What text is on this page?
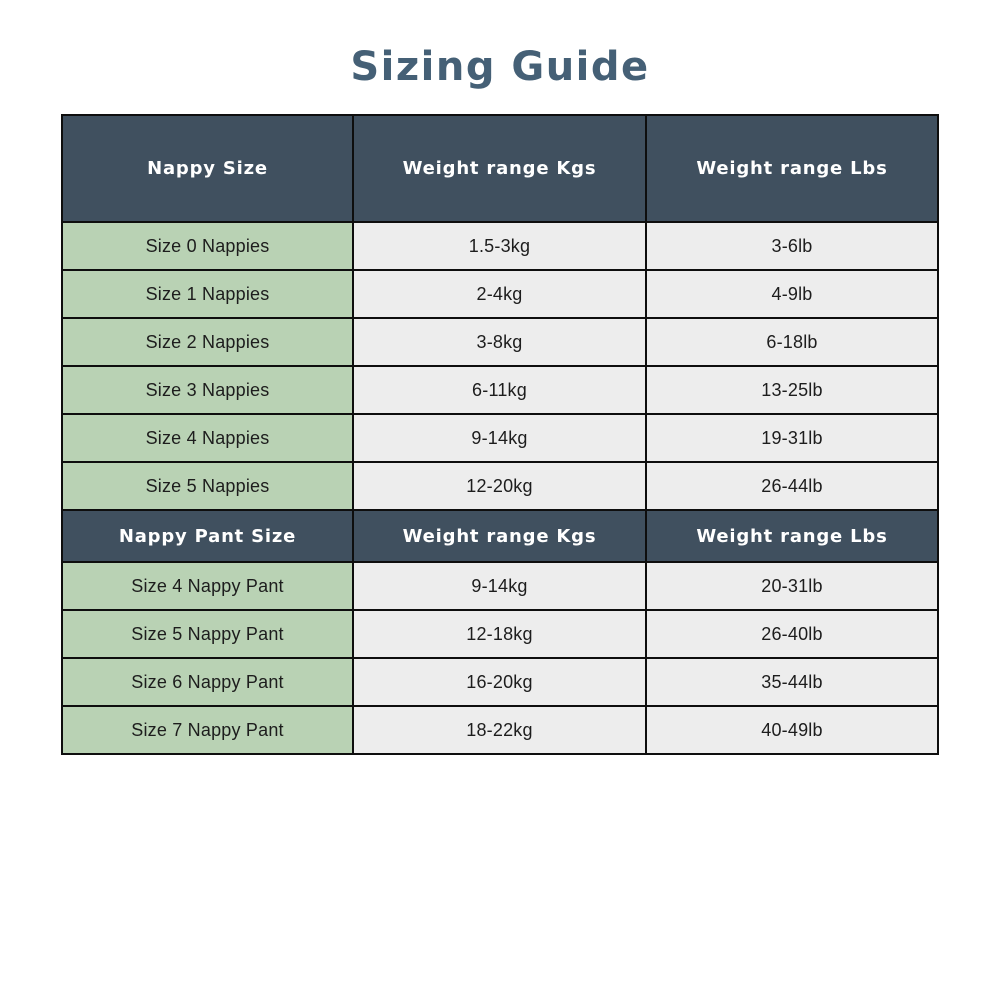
Sizing Guide
Nappy Size	Weight range Kgs	Weight range Lbs
Size 0 Nappies	1.5-3kg	3-6lb
Size 1 Nappies	2-4kg	4-9lb
Size 2 Nappies	3-8kg	6-18lb
Size 3 Nappies	6-11kg	13-25lb
Size 4 Nappies	9-14kg	19-31lb
Size 5 Nappies	12-20kg	26-44lb
Nappy Pant Size	Weight range Kgs	Weight range Lbs
Size 4 Nappy Pant	9-14kg	20-31lb
Size 5 Nappy Pant	12-18kg	26-40lb
Size 6 Nappy Pant	16-20kg	35-44lb
Size 7 Nappy Pant	18-22kg	40-49lb
